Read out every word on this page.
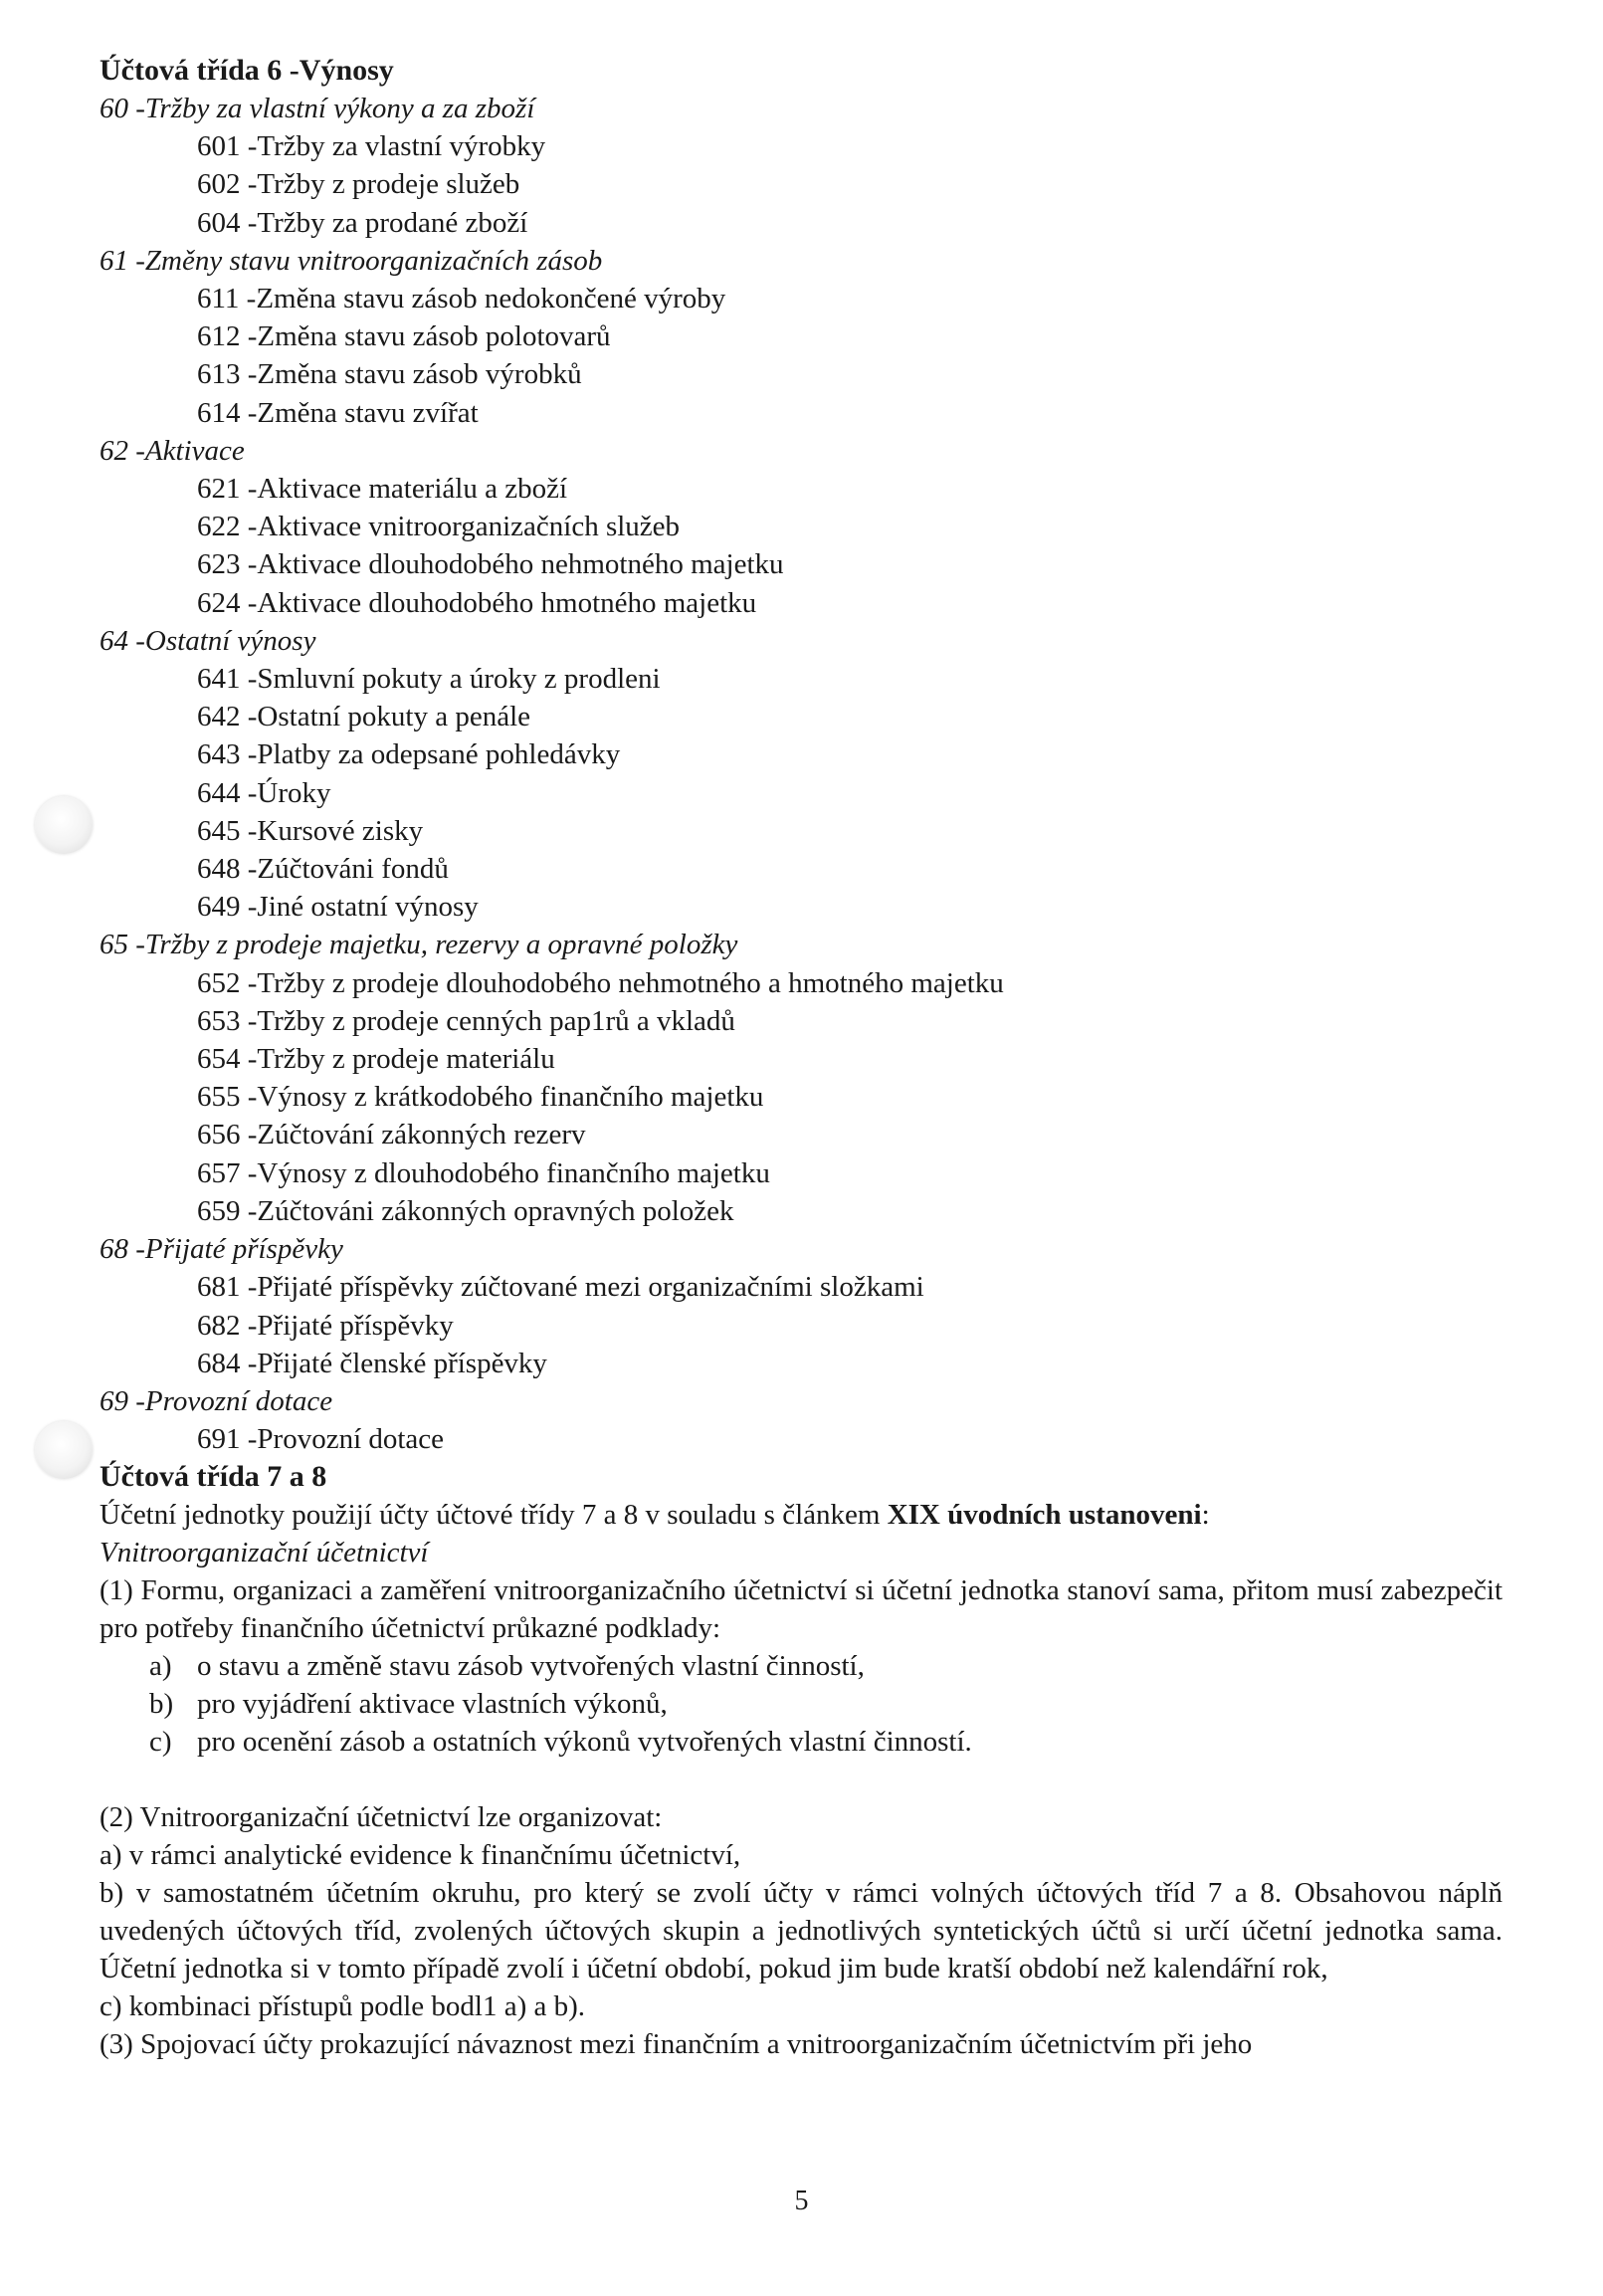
Účtová třída 6 -Výnosy
60 -Tržby za vlastní výkony a za zboží
601 -Tržby za vlastní výrobky
602 -Tržby z prodeje služeb
604 -Tržby za prodané zboží
61 -Změny stavu vnitroorganizačních zásob
611 -Změna stavu zásob nedokončené výroby
612 -Změna stavu zásob polotovarů
613 -Změna stavu zásob výrobků
614 -Změna stavu zvířat
62 -Aktivace
621 -Aktivace materiálu a zboží
622 -Aktivace vnitroorganizačních služeb
623 -Aktivace dlouhodobého nehmotného majetku
624 -Aktivace dlouhodobého hmotného majetku
64 -Ostatní výnosy
641 -Smluvní pokuty a úroky z prodleni
642 -Ostatní pokuty a penále
643 -Platby za odepsané pohledávky
644 -Úroky
645 -Kursové zisky
648 -Zúčtováni fondů
649 -Jiné ostatní výnosy
65 -Tržby z prodeje majetku, rezervy a opravné položky
652 -Tržby z prodeje dlouhodobého nehmotného a hmotného majetku
653 -Tržby z prodeje cenných pap1rů a vkladů
654 -Tržby z prodeje materiálu
655 -Výnosy z krátkodobého finančního majetku
656 -Zúčtování zákonných rezerv
657 -Výnosy z dlouhodobého finančního majetku
659 -Zúčtováni zákonných opravných položek
68 -Přijaté příspěvky
681 -Přijaté příspěvky zúčtované mezi organizačními složkami
682 -Přijaté příspěvky
684 -Přijaté členské příspěvky
69 -Provozní dotace
691 -Provozní dotace
Účtová třída 7 a 8
Účetní jednotky použijí účty účtové třídy 7 a 8 v souladu s článkem XIX úvodních ustanoveni:
Vnitroorganizační účetnictví
(1) Formu, organizaci a zaměření vnitroorganizačního účetnictví si účetní jednotka stanoví sama, přitom musí zabezpečit pro potřeby finančního účetnictví průkazné podklady:
a) o stavu a změně stavu zásob vytvořených vlastní činností,
b) pro vyjádření aktivace vlastních výkonů,
c) pro ocenění zásob a ostatních výkonů vytvořených vlastní činností.
(2) Vnitroorganizační účetnictví lze organizovat:
a) v rámci analytické evidence k finančnímu účetnictví,
b) v samostatném účetním okruhu, pro který se zvolí účty v rámci volných účtových tříd 7 a 8. Obsahovou náplň uvedených účtových tříd, zvolených účtových skupin a jednotlivých syntetických účtů si určí účetní jednotka sama. Účetní jednotka si v tomto případě zvolí i účetní období, pokud jim bude kratší období než kalendářní rok,
c) kombinaci přístupů podle bodl1 a) a b).
(3) Spojovací účty prokazující návaznost mezi finančním a vnitroorganizačním účetnictvím při jeho
5
